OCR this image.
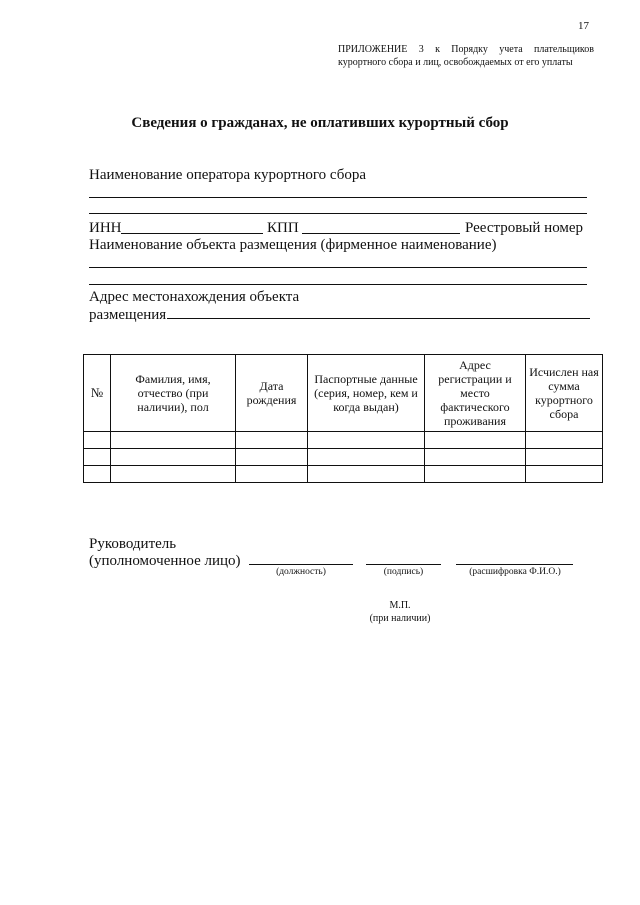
17
ПРИЛОЖЕНИЕ 3 к Порядку учета плательщиков курортного сбора и лиц, освобождаемых от его уплаты
Сведения о гражданах, не оплативших курортный сбор
Наименование оператора курортного сбора
ИНН	КПП	Реестровый номер
Наименование объекта размещения (фирменное наименование)
Адрес местонахождения объекта
размещения
№	Фамилия, имя, отчество (при наличии), пол	Дата рождения	Паспортные данные (серия, номер, кем и когда выдан)	Адрес регистрации и место фактического проживания	Исчислен ная сумма курортного сбора

Руководитель
(уполномоченное лицо)
(должность)	(подпись)	(расшифровка Ф.И.О.)
М.П.
(при наличии)
